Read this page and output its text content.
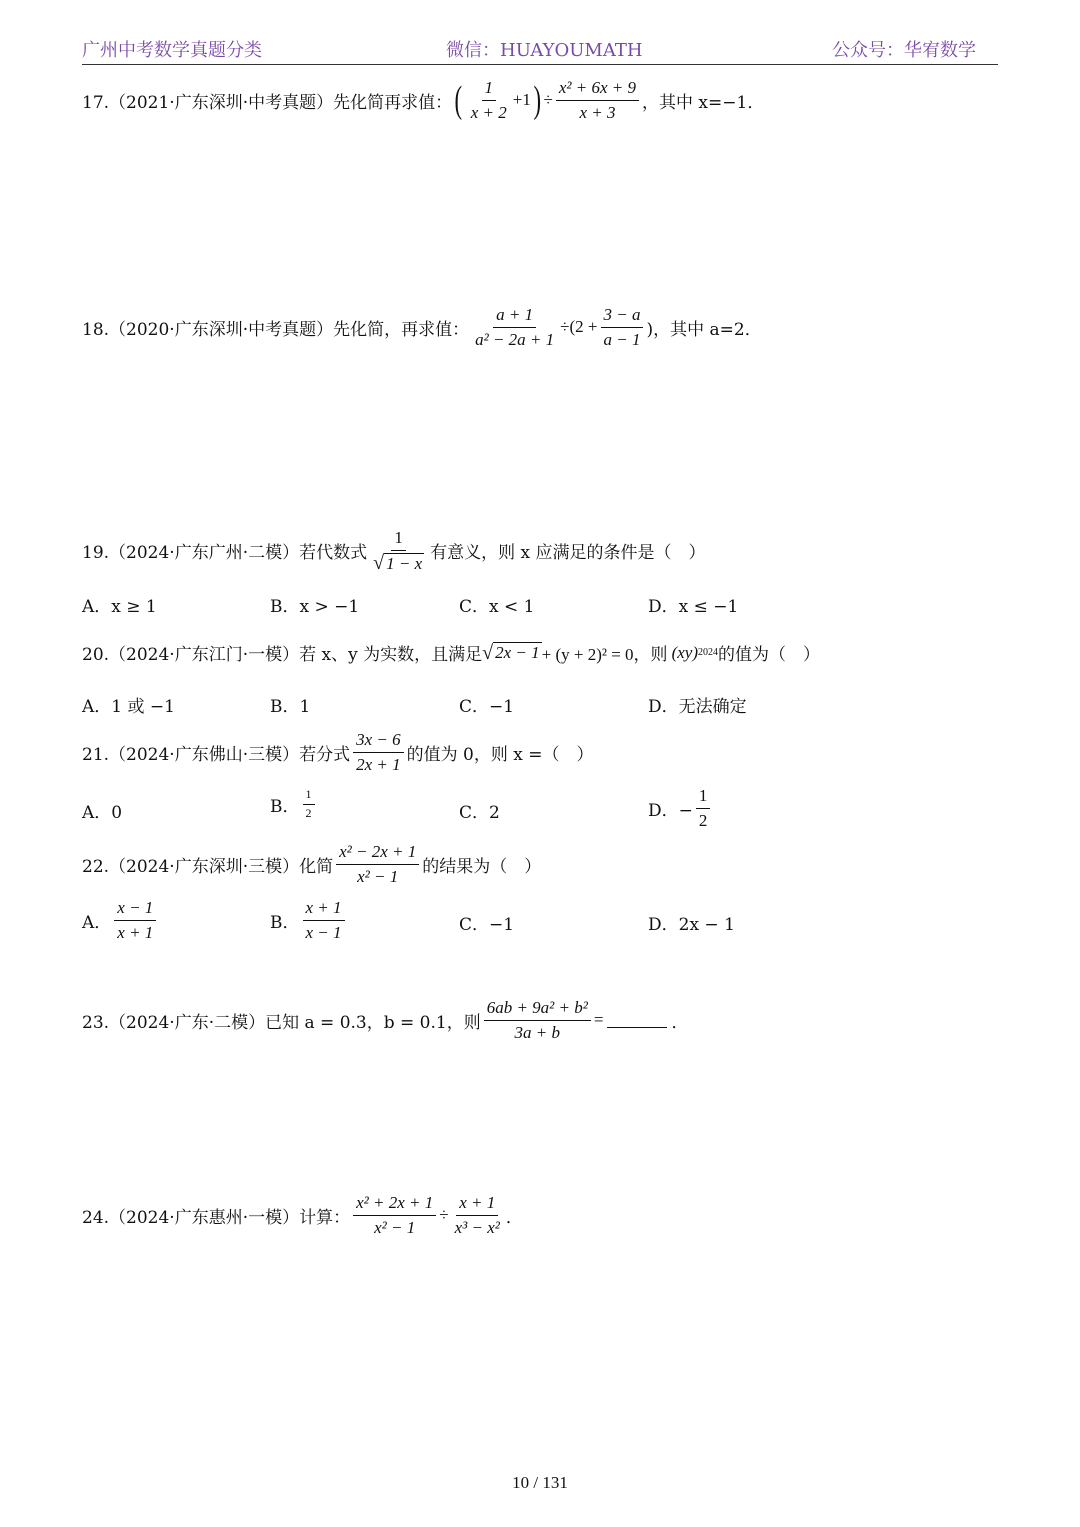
广州中考数学真题分类	微信：HUAYOUMATH	公众号：华宥数学
17.（2021·广东深圳·中考真题）先化简再求值： ( $\frac{1}{x + 2} +1$ ) ÷ $\frac{\text{x² + 6x + 9}}{x + 3}$ ，其中 x=−1．
18.（2020·广东深圳·中考真题）先化简，再求值： $\frac{a + 1}{\text{a² − 2a + 1}} \div(2 + \frac{3 - a}{a - 1}$ )，其中 a=2．
19.（2024·广东广州·二模）若代数式 $\frac{1}{√ 1 - x}$ 有意义，则 x 应满足的条件是（　）
A．x ≥ 1	B．x > −1	C．x < 1	D．x ≤ −1
20.（2024·广东江门·一模）若 x、y 为实数，且满足 √ 2x − 1 + (y + 2)² = 0，则 (xy) 2024 的值为（　）
A．1 或 −1	B．1	C．−1	D．无法确定
21.（2024·广东佛山·三模）若分式 $\frac{3x - 6}{2x + 1}$ 的值为 0，则 x =（　）
A．0	B． $\frac{1}{2}$	C．2	D．− $\frac{1}{2}$
22.（2024·广东深圳·三模）化简 $\frac{\text{x² − 2x + 1}}{\text{x² − 1}}$ 的结果为（　）
A． $\frac{x - 1}{x + 1}$	B． $\frac{x + 1}{x - 1}$	C．−1	D．2x − 1
23.（2024·广东·二模）已知 a = 0.3，b = 0.1，则 $\frac{\text{6ab + 9a² + b²}}{3a + b}$ =	．
24.（2024·广东惠州·一模）计算： $\frac{\text{x² + 2x + 1}}{\text{x² − 1}} \div \frac{x + 1}{\text{x³ − x²}}$ ．
10 / 131
